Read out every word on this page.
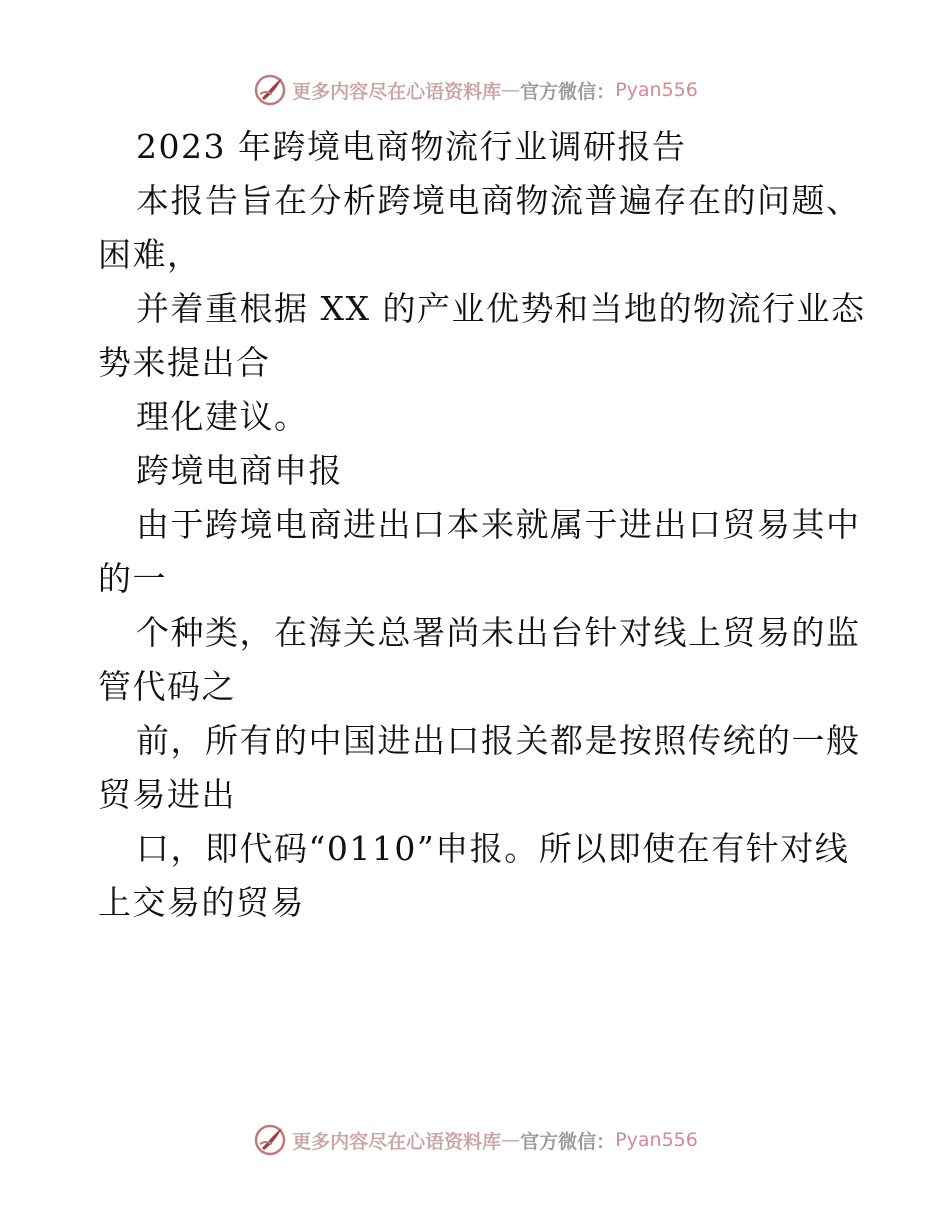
更多内容尽在心语资料库 — 官方微信： Pyan556
2023 年跨境电商物流行业调研报告
本报告旨在分析跨境电商物流普遍存在的问题、
困难，
并着重根据 XX 的产业优势和当地的物流行业态
势来提出合
理化建议。
跨境电商申报
由于跨境电商进出口本来就属于进出口贸易其中
的一
个种类，在海关总署尚未出台针对线上贸易的监
管代码之
前，所有的中国进出口报关都是按照传统的一般
贸易进出
口，即代码“0110”申报。所以即使在有针对线
上交易的贸易
更多内容尽在心语资料库 — 官方微信： Pyan556
